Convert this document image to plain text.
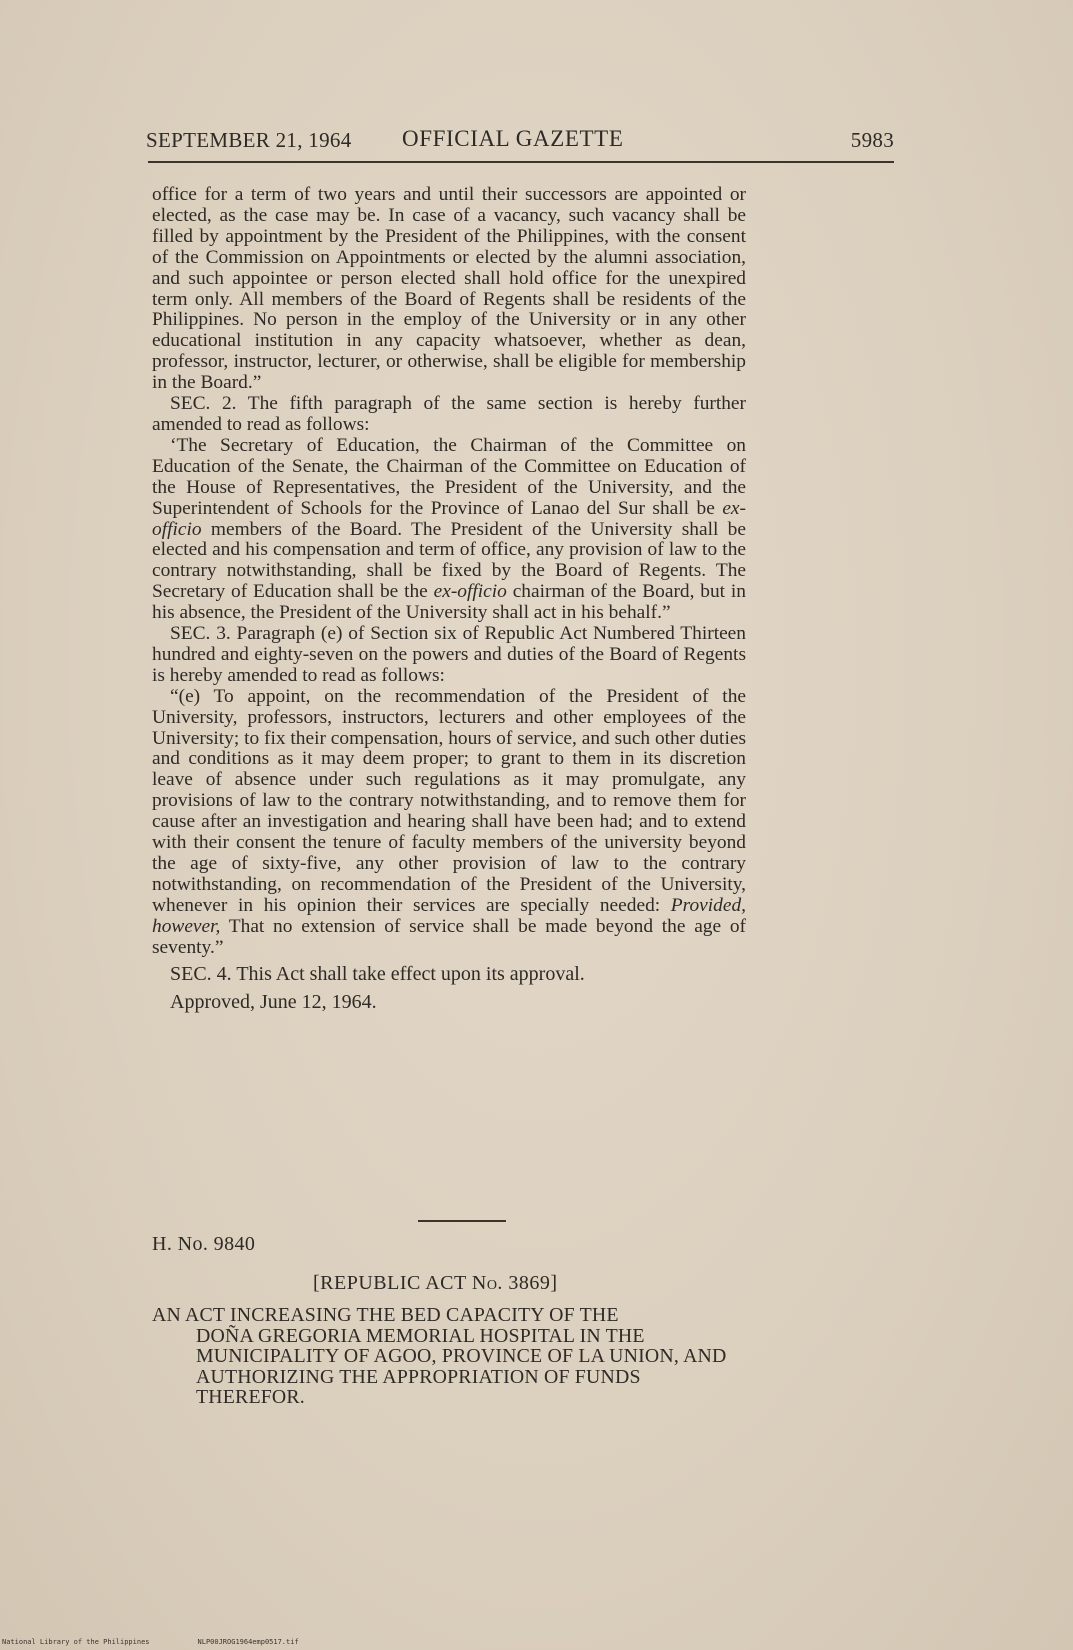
SEPTEMBER 21, 1964 OFFICIAL GAZETTE	5983

office for a term of two years and until their successors are appointed or elected, as the case may be. In case of a vacancy, such vacancy shall be filled by appointment by the President of the Philippines, with the consent of the Commission on Appointments or elected by the alumni association, and such appointee or person elected shall hold office for the unexpired term only. All members of the Board of Regents shall be residents of the Philippines. No person in the employ of the University or in any other educational institution in any capacity whatsoever, whether as dean, professor, instructor, lecturer, or otherwise, shall be eligible for membership in the Board.”

SEC. 2. The fifth paragraph of the same section is hereby further amended to read as follows:

‘The Secretary of Education, the Chairman of the Committee on Education of the Senate, the Chairman of the Committee on Education of the House of Representatives, the President of the University, and the Superintendent of Schools for the Province of Lanao del Sur shall be ex-officio members of the Board. The President of the University shall be elected and his compensation and term of office, any provision of law to the contrary notwithstanding, shall be fixed by the Board of Regents. The Secretary of Education shall be the ex-officio chairman of the Board, but in his absence, the President of the University shall act in his behalf.”

SEC. 3. Paragraph (e) of Section six of Republic Act Numbered Thirteen hundred and eighty-seven on the powers and duties of the Board of Regents is hereby amended to read as follows:

“(e) To appoint, on the recommendation of the President of the University, professors, instructors, lecturers and other employees of the University; to fix their compensation, hours of service, and such other duties and conditions as it may deem proper; to grant to them in its discretion leave of absence under such regulations as it may promulgate, any provisions of law to the contrary notwithstanding, and to remove them for cause after an investigation and hearing shall have been had; and to extend with their consent the tenure of faculty members of the university beyond the age of sixty-five, any other provision of law to the contrary notwithstanding, on recommendation of the President of the University, whenever in his opinion their services are specially needed: Provided, however, That no extension of service shall be made beyond the age of seventy.”

SEC. 4. This Act shall take effect upon its approval.

Approved, June 12, 1964.

H. No. 9840
[REPUBLIC ACT No. 3869]
AN ACT INCREASING THE BED CAPACITY OF THE
DOÑA GREGORIA MEMORIAL HOSPITAL IN THE MUNICIPALITY OF AGOO, PROVINCE OF LA UNION, AND AUTHORIZING THE APPROPRIATION OF FUNDS THEREFOR.
National Library of the Philippines	NLP00JROG1964emp0517.tif
